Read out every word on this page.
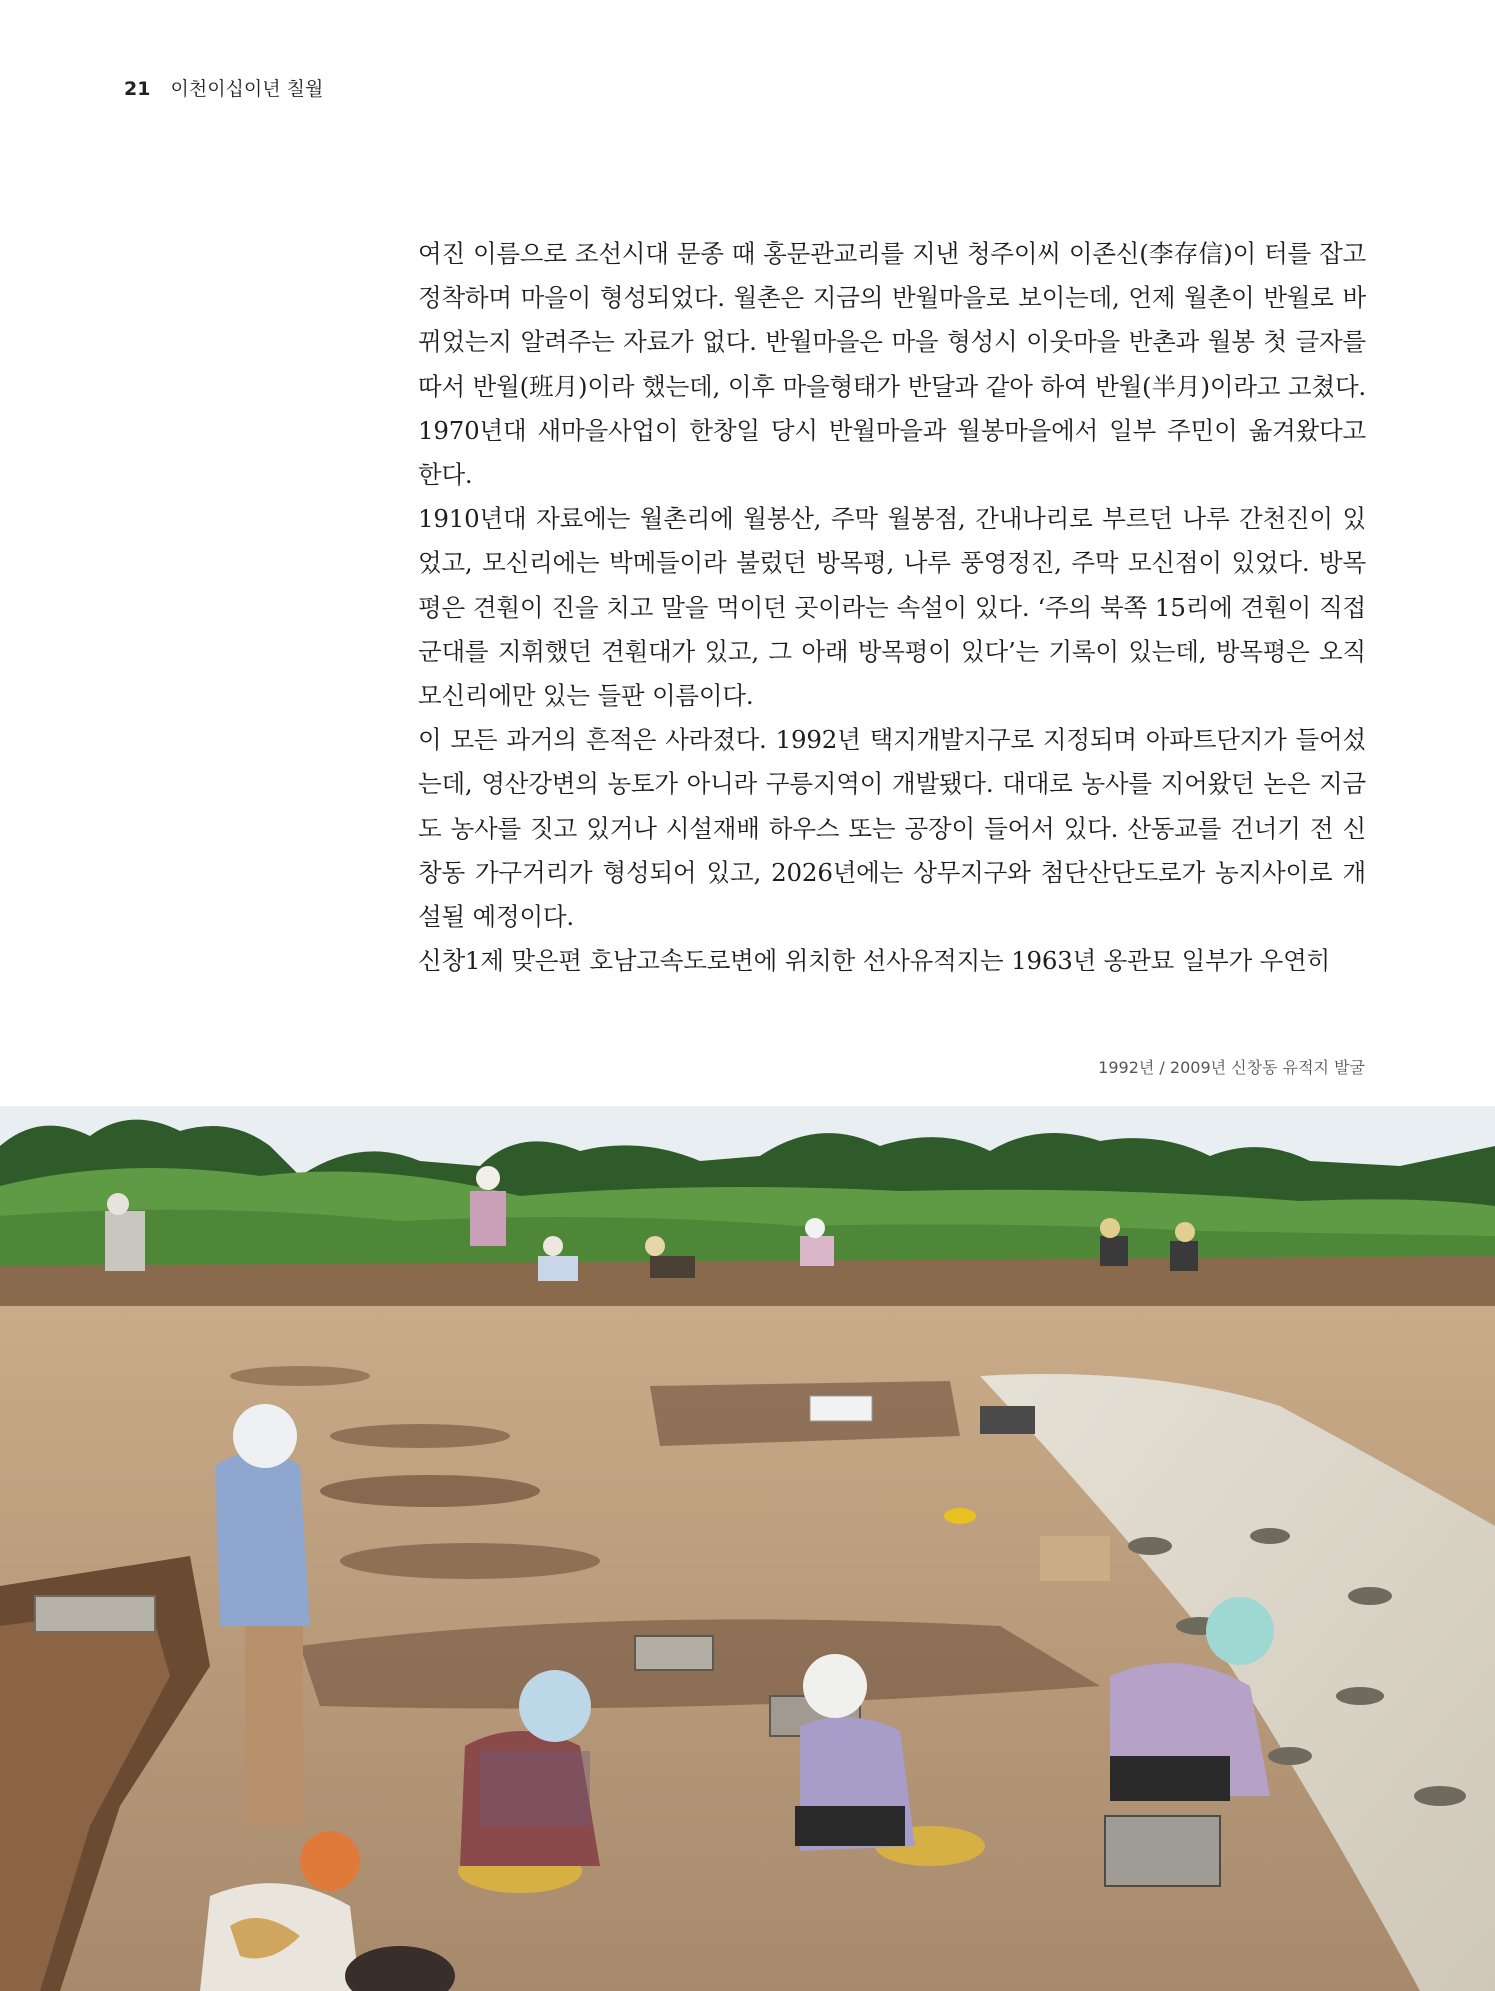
21 이천이십이년 칠월

여진 이름으로 조선시대 문종 때 홍문관교리를 지낸 청주이씨 이존신(李存信)이 터를 잡고 정착하며 마을이 형성되었다. 월촌은 지금의 반월마을로 보이는데, 언제 월촌이 반월로 바뀌었는지 알려주는 자료가 없다. 반월마을은 마을 형성시 이웃마을 반촌과 월봉 첫 글자를 따서 반월(班月)이라 했는데, 이후 마을형태가 반달과 같아 하여 반월(半月)이라고 고쳤다. 1970년대 새마을사업이 한창일 당시 반월마을과 월봉마을에서 일부 주민이 옮겨왔다고 한다.

1910년대 자료에는 월촌리에 월봉산, 주막 월봉점, 간내나리로 부르던 나루 간천진이 있었고, 모신리에는 박메들이라 불렀던 방목평, 나루 풍영정진, 주막 모신점이 있었다. 방목평은 견훤이 진을 치고 말을 먹이던 곳이라는 속설이 있다. ‘주의 북쪽 15리에 견훤이 직접 군대를 지휘했던 견훤대가 있고, 그 아래 방목평이 있다’는 기록이 있는데, 방목평은 오직 모신리에만 있는 들판 이름이다.

이 모든 과거의 흔적은 사라졌다. 1992년 택지개발지구로 지정되며 아파트단지가 들어섰는데, 영산강변의 농토가 아니라 구릉지역이 개발됐다. 대대로 농사를 지어왔던 논은 지금도 농사를 짓고 있거나 시설재배 하우스 또는 공장이 들어서 있다. 산동교를 건너기 전 신창동 가구거리가 형성되어 있고, 2026년에는 상무지구와 첨단산단도로가 농지사이로 개설될 예정이다.

신창1제 맞은편 호남고속도로변에 위치한 선사유적지는 1963년 옹관묘 일부가 우연히

1992년 / 2009년 신창동 유적지 발굴
